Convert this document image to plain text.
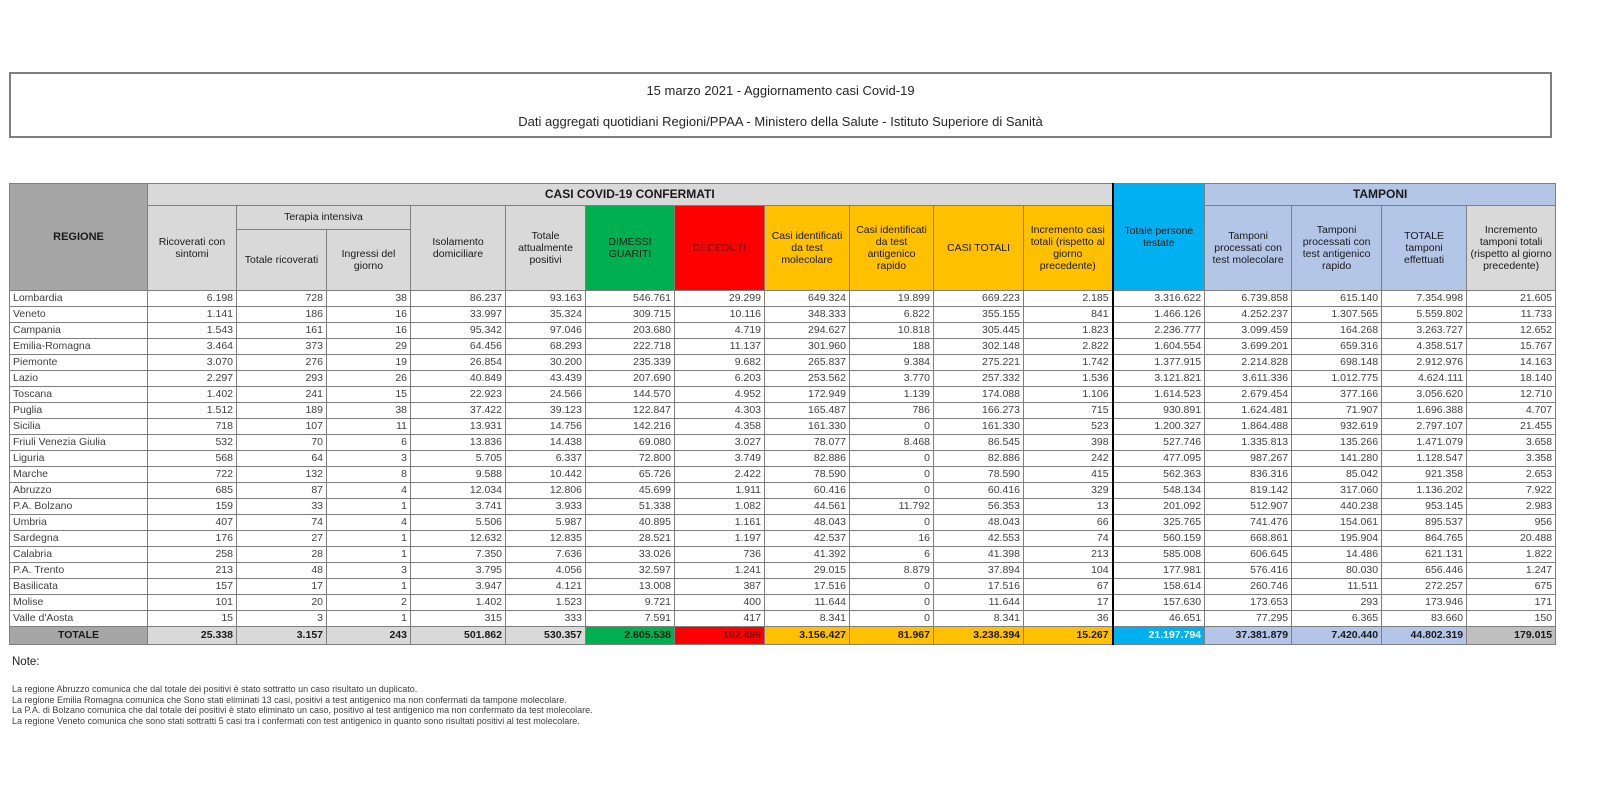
15 marzo 2021 - Aggiornamento casi Covid-19
Dati aggregati quotidiani Regioni/PPAA - Ministero della Salute - Istituto Superiore di Sanità
REGIONE	CASI COVID-19 CONFERMATI											Totale persone testate	TAMPONI			
	Ricoverati con sintomi	Terapia intensiva		Isolamento domiciliare	Totale attualmente positivi	DIMESSI GUARITI	DECEDUTI	Casi identificati da test molecolare	Casi identificati da test antigenico rapido	CASI TOTALI	Incremento casi totali (rispetto al giorno precedente)		Tamponi processati con test molecolare	Tamponi processati con test antigenico rapido	TOTALE tamponi effettuati	Incremento tamponi totali (rispetto al giorno precedente)
		Totale ricoverati	Ingressi del giorno													
Lombardia	6.198	728	38	86.237	93.163	546.761	29.299	649.324	19.899	669.223	2.185	3.316.622	6.739.858	615.140	7.354.998	21.605
Veneto	1.141	186	16	33.997	35.324	309.715	10.116	348.333	6.822	355.155	841	1.466.126	4.252.237	1.307.565	5.559.802	11.733
Campania	1.543	161	16	95.342	97.046	203.680	4.719	294.627	10.818	305.445	1.823	2.236.777	3.099.459	164.268	3.263.727	12.652
Emilia-Romagna	3.464	373	29	64.456	68.293	222.718	11.137	301.960	188	302.148	2.822	1.604.554	3.699.201	659.316	4.358.517	15.767
Piemonte	3.070	276	19	26.854	30.200	235.339	9.682	265.837	9.384	275.221	1.742	1.377.915	2.214.828	698.148	2.912.976	14.163
Lazio	2.297	293	26	40.849	43.439	207.690	6.203	253.562	3.770	257.332	1.536	3.121.821	3.611.336	1.012.775	4.624.111	18.140
Toscana	1.402	241	15	22.923	24.566	144.570	4.952	172.949	1.139	174.088	1.106	1.614.523	2.679.454	377.166	3.056.620	12.710
Puglia	1.512	189	38	37.422	39.123	122.847	4.303	165.487	786	166.273	715	930.891	1.624.481	71.907	1.696.388	4.707
Sicilia	718	107	11	13.931	14.756	142.216	4.358	161.330	0	161.330	523	1.200.327	1.864.488	932.619	2.797.107	21.455
Friuli Venezia Giulia	532	70	6	13.836	14.438	69.080	3.027	78.077	8.468	86.545	398	527.746	1.335.813	135.266	1.471.079	3.658
Liguria	568	64	3	5.705	6.337	72.800	3.749	82.886	0	82.886	242	477.095	987.267	141.280	1.128.547	3.358
Marche	722	132	8	9.588	10.442	65.726	2.422	78.590	0	78.590	415	562.363	836.316	85.042	921.358	2.653
Abruzzo	685	87	4	12.034	12.806	45.699	1.911	60.416	0	60.416	329	548.134	819.142	317.060	1.136.202	7.922
P.A. Bolzano	159	33	1	3.741	3.933	51.338	1.082	44.561	11.792	56.353	13	201.092	512.907	440.238	953.145	2.983
Umbria	407	74	4	5.506	5.987	40.895	1.161	48.043	0	48.043	66	325.765	741.476	154.061	895.537	956
Sardegna	176	27	1	12.632	12.835	28.521	1.197	42.537	16	42.553	74	560.159	668.861	195.904	864.765	20.488
Calabria	258	28	1	7.350	7.636	33.026	736	41.392	6	41.398	213	585.008	606.645	14.486	621.131	1.822
P.A. Trento	213	48	3	3.795	4.056	32.597	1.241	29.015	8.879	37.894	104	177.981	576.416	80.030	656.446	1.247
Basilicata	157	17	1	3.947	4.121	13.008	387	17.516	0	17.516	67	158.614	260.746	11.511	272.257	675
Molise	101	20	2	1.402	1.523	9.721	400	11.644	0	11.644	17	157.630	173.653	293	173.946	171
Valle d'Aosta	15	3	1	315	333	7.591	417	8.341	0	8.341	36	46.651	77.295	6.365	83.660	150
TOTALE	25.338	3.157	243	501.862	530.357	2.605.538	102.499	3.156.427	81.967	3.238.394	15.267	21.197.794	37.381.879	7.420.440	44.802.319	179.015
Note:
La regione Abruzzo comunica che dal totale dei positivi è stato sottratto un caso risultato un duplicato.
La regione Emilia Romagna comunica che Sono stati eliminati 13 casi, positivi a test antigenico ma non confermati da tampone molecolare.
La P.A. di Bolzano comunica che dal totale dei positivi è stato eliminato un caso, positivo al test antigenico ma non confermato da test molecolare.
La regione Veneto comunica che sono stati sottratti 5 casi tra i confermati con test antigenico in quanto sono risultati positivi al test molecolare.
